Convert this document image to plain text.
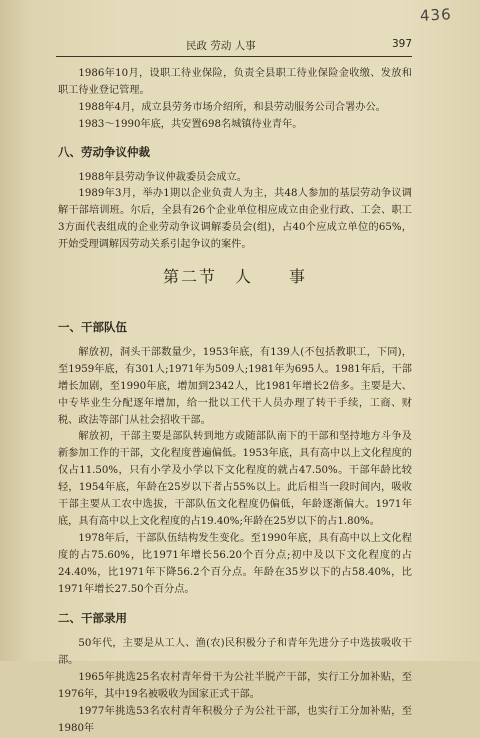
436
民政 劳动 人事	397

1986年10月，设职工待业保险，负责全县职工待业保险金收缴、发放和职工待业登记管理。

1988年4月，成立县劳务市场介绍所，和县劳动服务公司合署办公。

1983～1990年底，共安置698名城镇待业青年。

八、劳动争议仲裁

1988年县劳动争议仲裁委员会成立。

1989年3月，举办1期以企业负责人为主，共48人参加的基层劳动争议调解干部培训班。尔后，全县有26个企业单位相应成立由企业行政、工会、职工3方面代表组成的企业劳动争议调解委员会(组)，占40个应成立单位的65%，开始受理调解因劳动关系引起争议的案件。

第二节　人　　事
一、干部队伍

解放初，洞头干部数量少，1953年底，有139人(不包括教职工，下同)，至1959年底，有301人;1971年为509人;1981年为695人。1981年后，干部增长加剧，至1990年底，增加到2342人，比1981年增长2倍多。主要是大、中专毕业生分配逐年增加，给一批以工代干人员办理了转干手续，工商、财税、政法等部门从社会招收干部。

解放初，干部主要是部队转到地方或随部队南下的干部和坚持地方斗争及新参加工作的干部，文化程度普遍偏低。1953年底，具有高中以上文化程度的仅占11.50%，只有小学及小学以下文化程度的就占47.50%。干部年龄比较轻，1954年底，年龄在25岁以下者占55%以上。此后相当一段时间内，吸收干部主要从工农中选拔，干部队伍文化程度仍偏低，年龄逐渐偏大。1971年底，具有高中以上文化程度的占19.40%;年龄在25岁以下的占1.80%。

1978年后，干部队伍结构发生变化。至1990年底，具有高中以上文化程度的占75.60%，比1971年增长56.20个百分点;初中及以下文化程度的占24.40%，比1971年下降56.2个百分点。年龄在35岁以下的占58.40%，比1971年增长27.50个百分点。

二、干部录用

50年代，主要是从工人、渔(农)民积极分子和青年先进分子中选拔吸收干部。

1965年挑选25名农村青年骨干为公社半脱产干部，实行工分加补贴，至1976年，其中19名被吸收为国家正式干部。

1977年挑选53名农村青年积极分子为公社干部，也实行工分加补贴，至1980年
